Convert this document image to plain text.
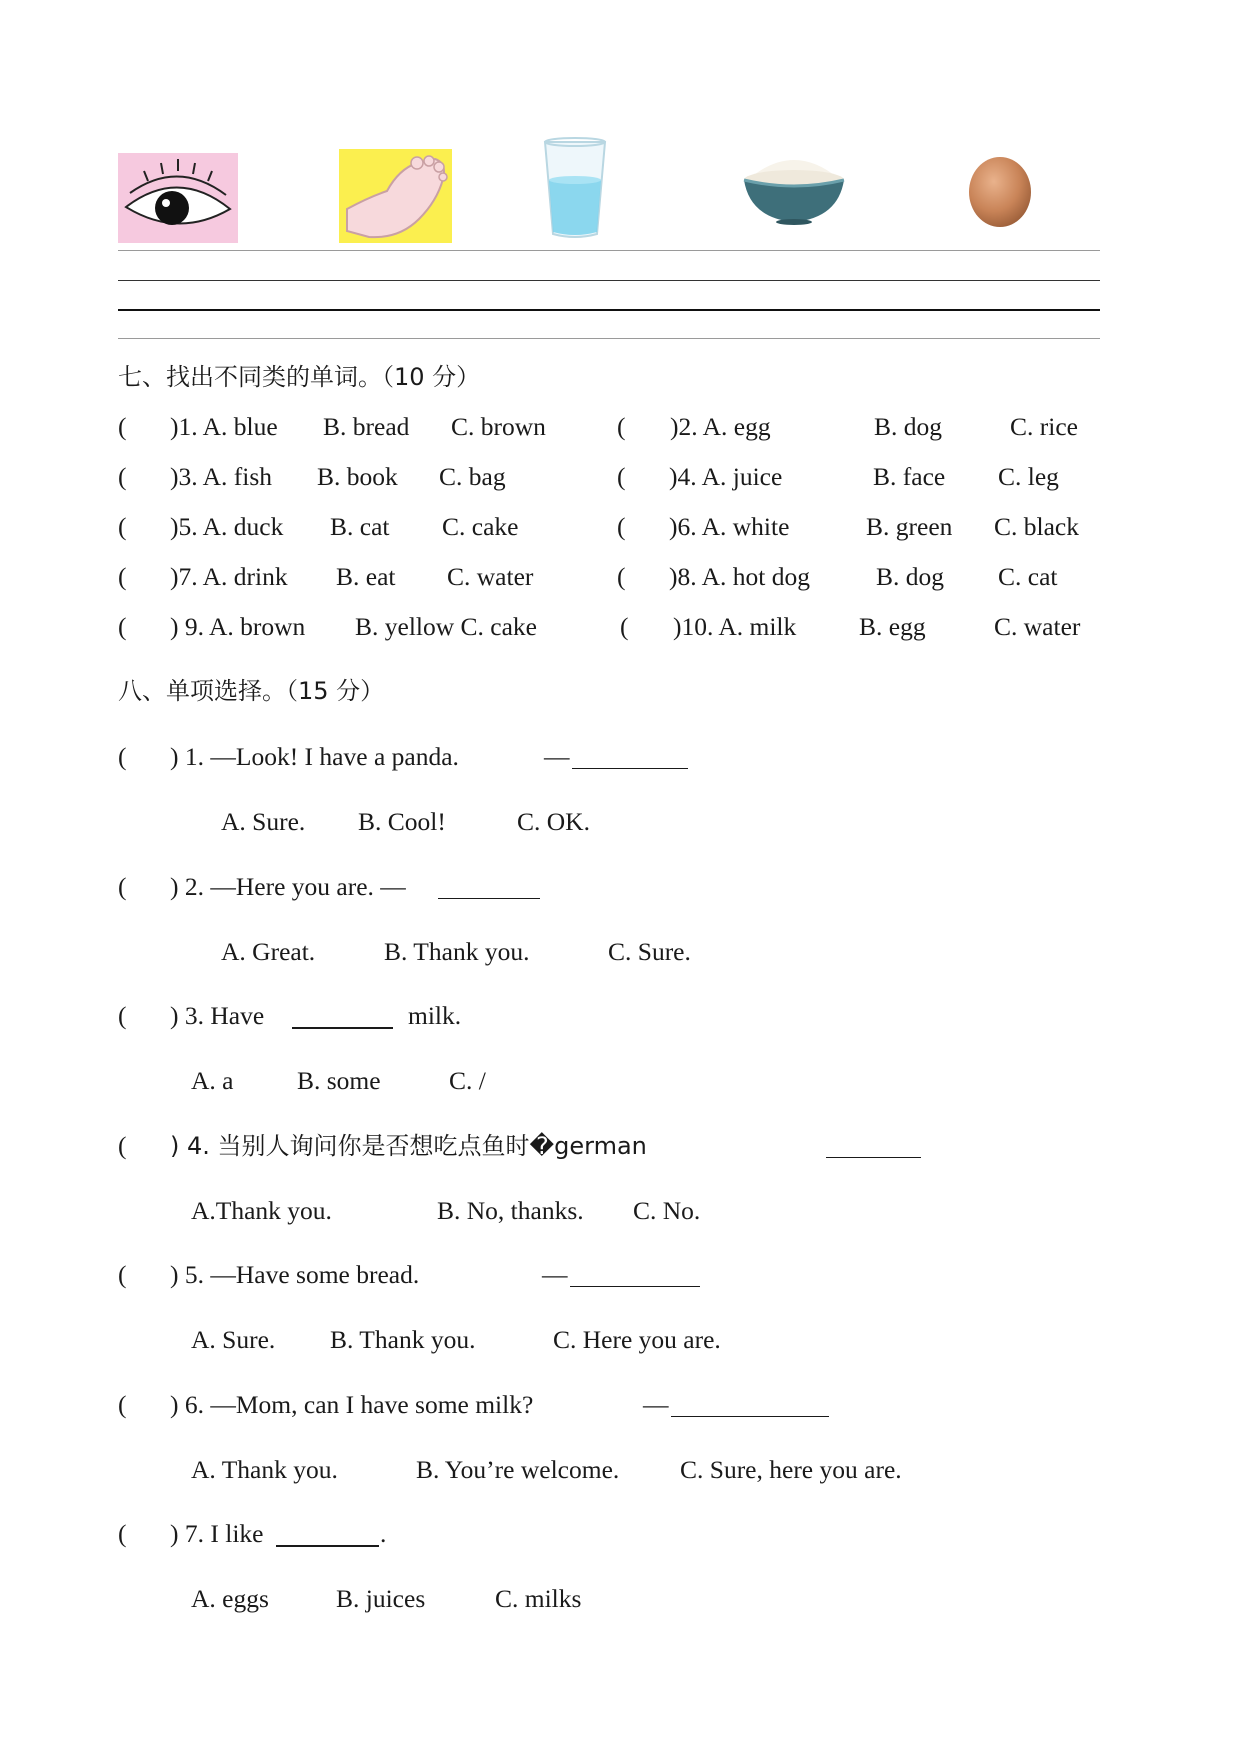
七、找出不同类的单词。（10 分）
( )1. A. blue B. bread C. brown	( )2. A. egg	B. dog	C. rice
( )3. A. fish B. book C. bag	( )4. A. juice	B. face C. leg
( )5. A. duck B. cat C. cake	( )6. A. white	B. green C. black
( )7. A. drink B. eat C. water	( )8. A. hot dog	B. dog C. cat
( ) 9. A. brown B. yellow C. cake	( )10. A. milk B. egg	C. water
八、单项选择。（15 分）
( ) 1. —Look! I have a panda.	—
A. Sure. B. Cool!	C. OK.
( ) 2. —Here you are. —
A. Great.	B. Thank you.	C. Sure.
( ) 3. Have	milk.
A. a B. some	C. /
( ) 4. 当别人询问你是否想吃点鱼时�german
A.Thank you.	B. No, thanks. C. No.
( ) 5. —Have some bread.	—
A. Sure. B. Thank you.	C. Here you are.
( ) 6. —Mom, can I have some milk?	—
A. Thank you.	B. You’re welcome. C. Sure, here you are.
( ) 7. I like	.
A. eggs	B. juices	C. milks
